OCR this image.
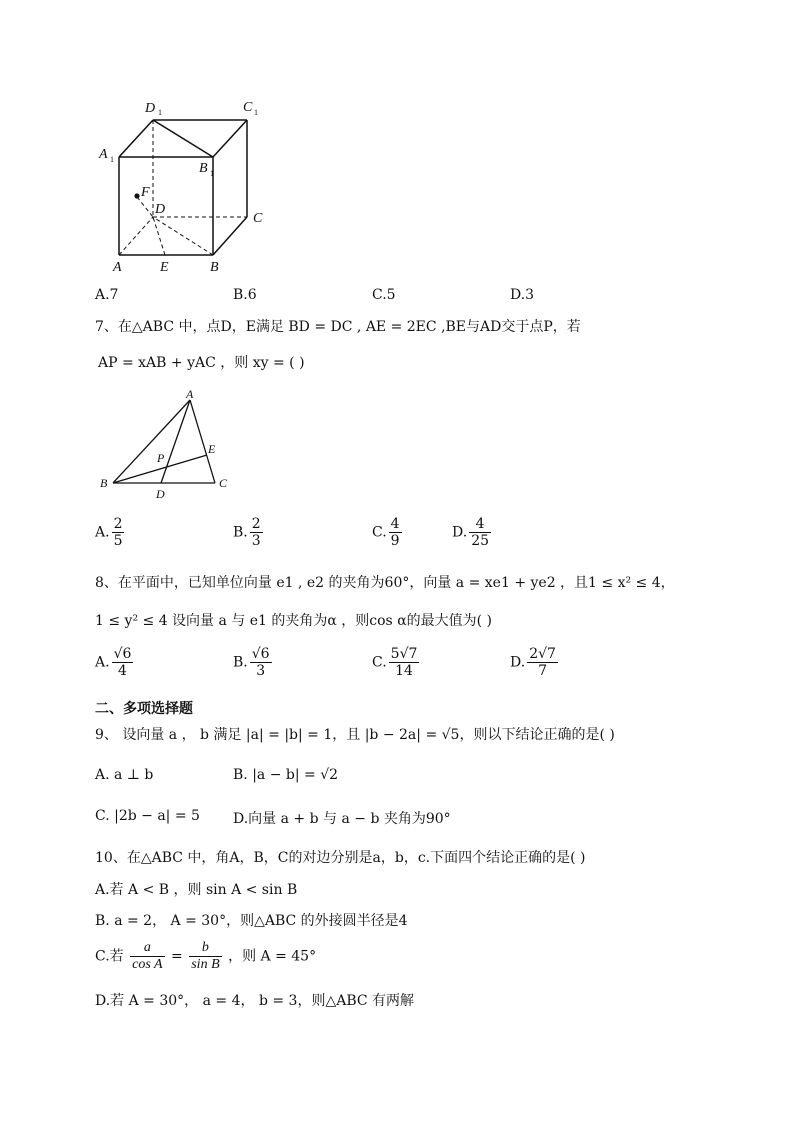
D 1	C 1
A 1
B 1
F
D
C
A	E	B
A.7	B.6	C.5	D.3
7、在△ABC 中，点D，E满足 BD = DC , AE = 2EC ,BE与AD交于点P，若
AP = xAB + yAC ，则 xy = ( )
A
E
P
B
D
C
A. $\frac{2}{5}$	B. $\frac{2}{3}$	C. $\frac{4}{9}$	D. $\frac{4}{25}$
8、在平面中，已知单位向量 e1 , e2 的夹角为60°，向量 a = xe1 + ye2 ，且1 ≤ x² ≤ 4，
1 ≤ y² ≤ 4 设向量 a 与 e1 的夹角为α ，则cos α的最大值为( )
A. $\frac{√6}{4}$	B. $\frac{√6}{3}$	C. $\frac{5√7}{14}$	D. $\frac{2√7}{7}$
二、多项选择题
9、 设向量 a ， b 满足 |a| = |b| = 1，且 |b − 2a| = √5，则以下结论正确的是( )
A. a ⊥ b	B. |a − b| = √2
C. |2b − a| = 5 D.向量 a + b 与 a − b 夹角为90°
10、在△ABC 中，角A，B，C的对边分别是a，b，c.下面四个结论正确的是( )
A.若 A < B ，则 sin A < sin B
B. a = 2， A = 30°，则△ABC 的外接圆半径是4
C.若 $\frac{a}{\text{cos A}} = \frac{b}{\text{sin B}}$ ，则 A = 45°
D.若 A = 30°， a = 4， b = 3，则△ABC 有两解
